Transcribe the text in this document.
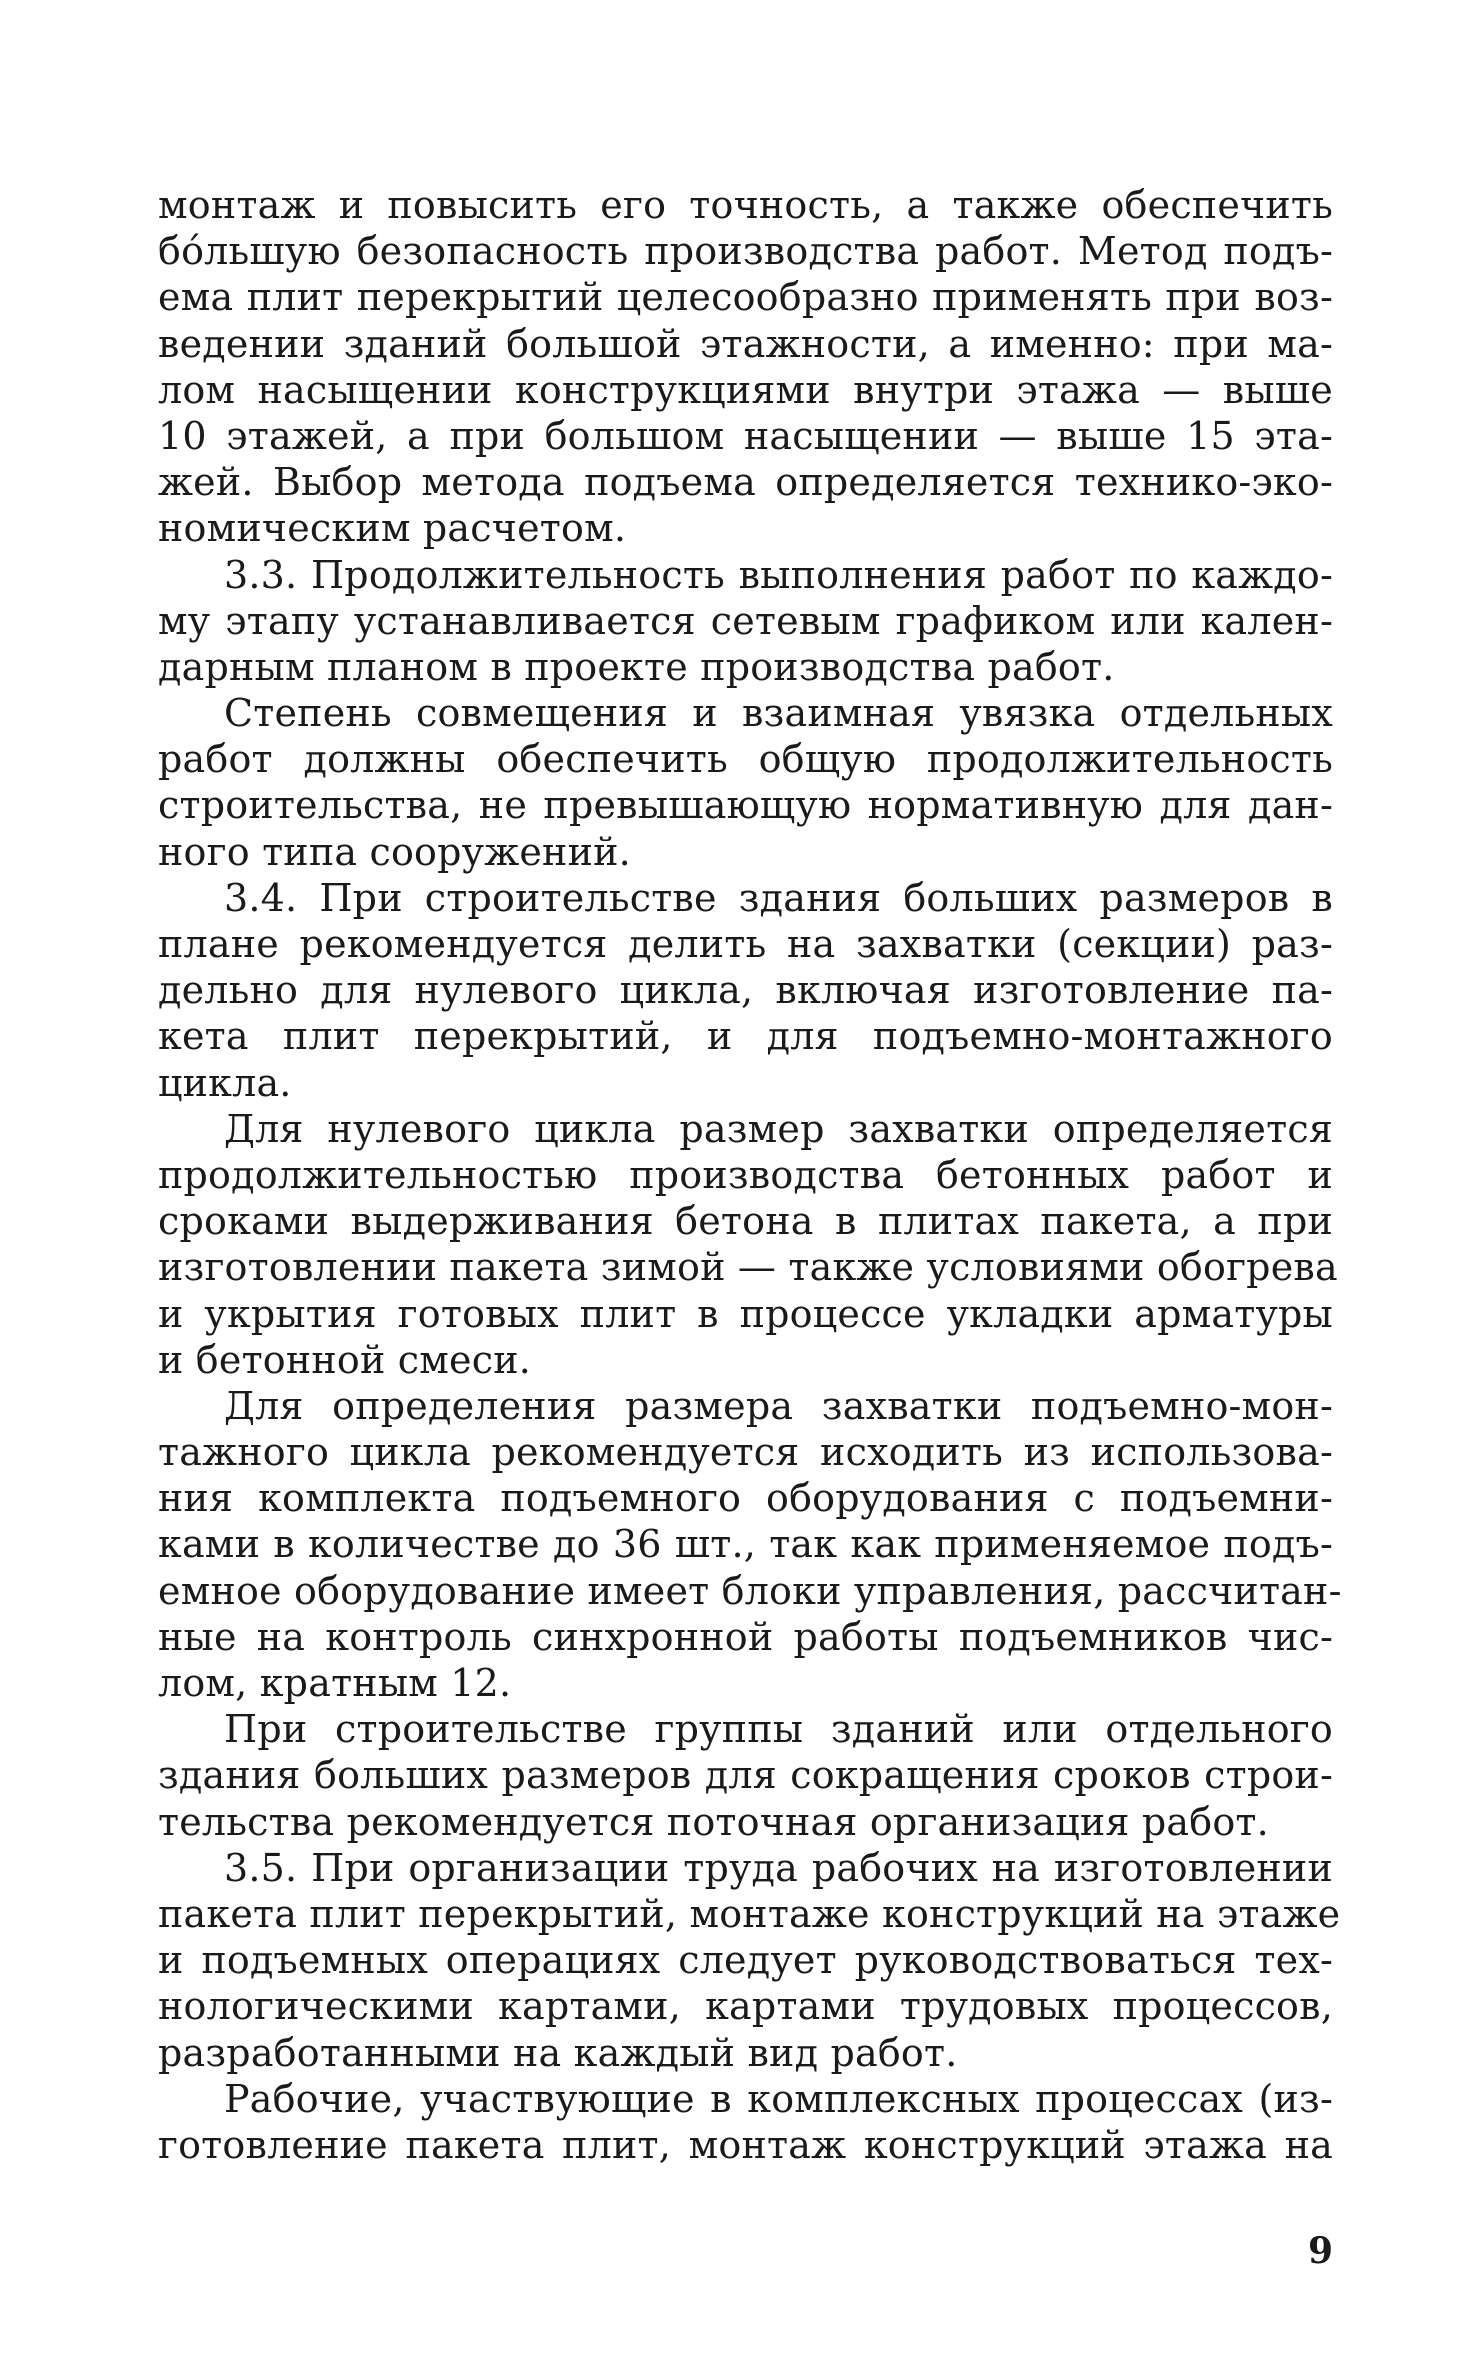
монтаж и повысить его точность, а также обеспечить
бо́льшую безопасность производства работ. Метод подъ-
ема плит перекрытий целесообразно применять при воз-
ведении зданий большой этажности, а именно: при ма-
лом насыщении конструкциями внутри этажа — выше
10 этажей, а при большом насыщении — выше 15 эта-
жей. Выбор метода подъема определяется технико-эко-
номическим расчетом.
3.3. Продолжительность выполнения работ по каждо-
му этапу устанавливается сетевым графиком или кален-
дарным планом в проекте производства работ.
Степень совмещения и взаимная увязка отдельных
работ должны обеспечить общую продолжительность
строительства, не превышающую нормативную для дан-
ного типа сооружений.
3.4. При строительстве здания больших размеров в
плане рекомендуется делить на захватки (секции) раз-
дельно для нулевого цикла, включая изготовление па-
кета плит перекрытий, и для подъемно-монтажного
цикла.
Для нулевого цикла размер захватки определяется
продолжительностью производства бетонных работ и
сроками выдерживания бетона в плитах пакета, а при
изготовлении пакета зимой — также условиями обогрева
и укрытия готовых плит в процессе укладки арматуры
и бетонной смеси.
Для определения размера захватки подъемно-мон-
тажного цикла рекомендуется исходить из использова-
ния комплекта подъемного оборудования с подъемни-
ками в количестве до 36 шт., так как применяемое подъ-
емное оборудование имеет блоки управления, рассчитан-
ные на контроль синхронной работы подъемников чис-
лом, кратным 12.
При строительстве группы зданий или отдельного
здания больших размеров для сокращения сроков строи-
тельства рекомендуется поточная организация работ.
3.5. При организации труда рабочих на изготовлении
пакета плит перекрытий, монтаже конструкций на этаже
и подъемных операциях следует руководствоваться тех-
нологическими картами, картами трудовых процессов,
разработанными на каждый вид работ.
Рабочие, участвующие в комплексных процессах (из-
готовление пакета плит, монтаж конструкций этажа на
9
